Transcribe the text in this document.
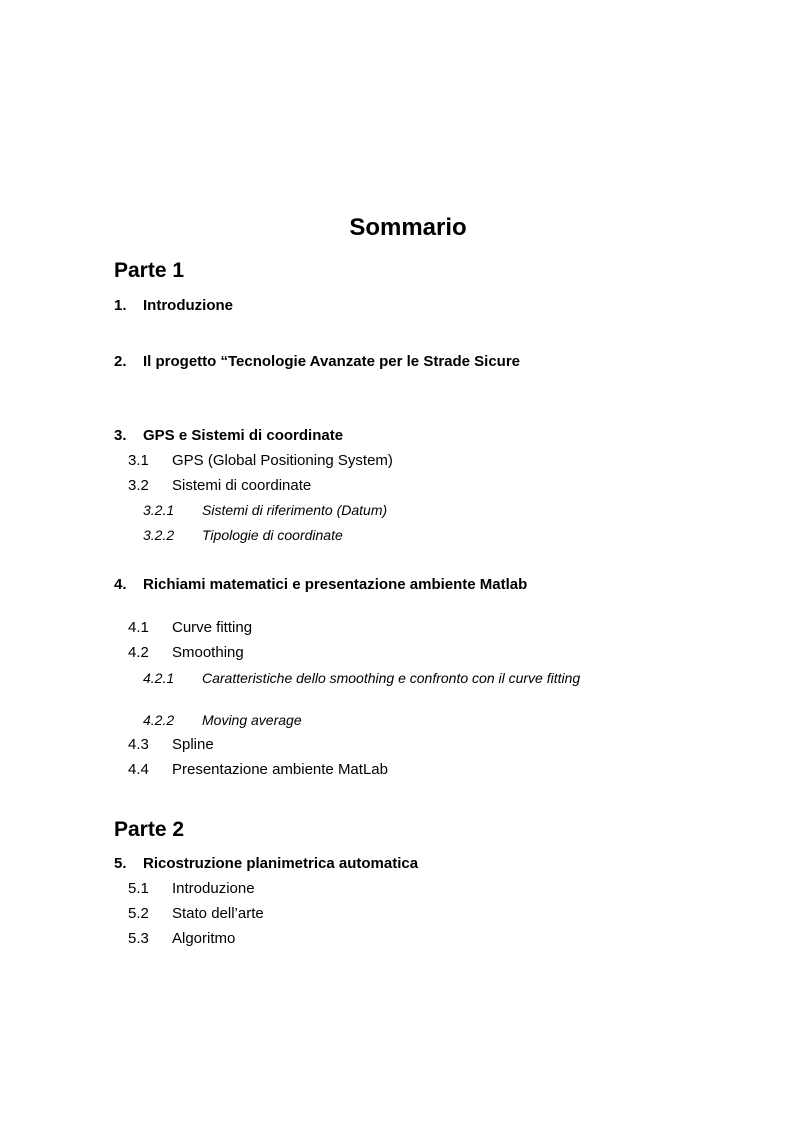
Sommario
Parte 1
1. Introduzione
2. Il progetto “Tecnologie Avanzate per le Strade Sicure
3. GPS e Sistemi di coordinate
3.1 GPS (Global Positioning System)
3.2 Sistemi di coordinate
3.2.1 Sistemi di riferimento (Datum)
3.2.2 Tipologie di coordinate
4. Richiami matematici e presentazione ambiente Matlab
4.1 Curve fitting
4.2 Smoothing
4.2.1 Caratteristiche dello smoothing e confronto con il curve fitting
4.2.2 Moving average
4.3 Spline
4.4 Presentazione ambiente MatLab
Parte 2
5. Ricostruzione planimetrica automatica
5.1 Introduzione
5.2 Stato dell’arte
5.3 Algoritmo
